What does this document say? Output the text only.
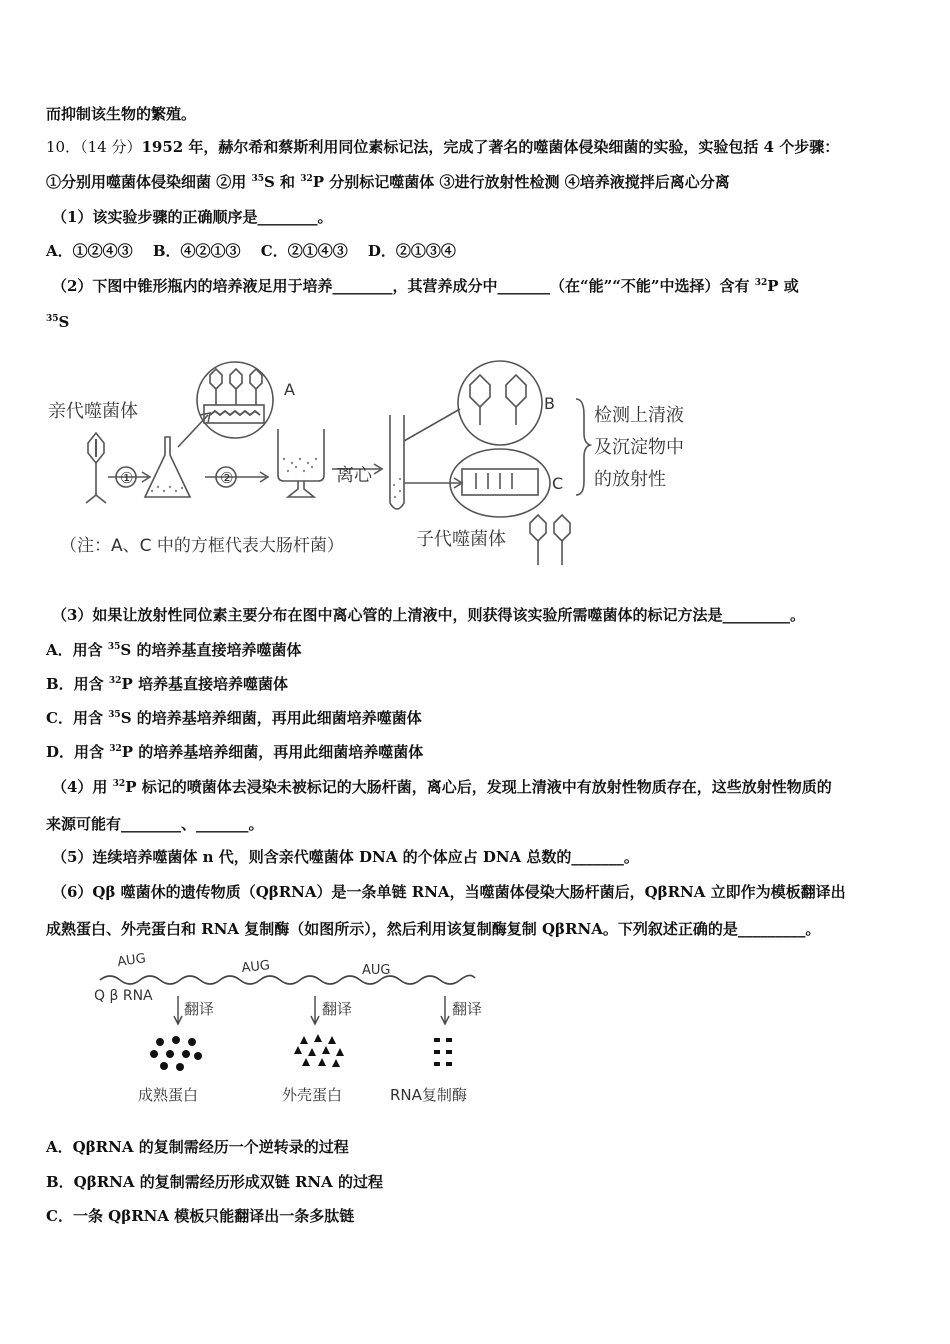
而抑制该生物的繁殖。
10．（14 分）1952 年，赫尔希和蔡斯利用同位素标记法，完成了著名的噬菌体侵染细菌的实验，实验包括 4 个步骤：
①分别用噬菌体侵染细菌 ②用 $^{35}$S 和 $^{32}$P 分别标记噬菌体 ③进行放射性检测 ④培养液搅拌后离心分离
（1）该实验步骤的正确顺序是________。
A．①②④③　 B．④②①③　 C．②①④③　 D．②①③④
（2）下图中锥形瓶内的培养液足用于培养________，其营养成分中_______（在“能”“不能”中选择）含有 $^{32}$P 或
$^{35}$S
亲代噬菌体
①	②
A
离心
B
C
检测上清液
及沉淀物中
的放射性
（注：A、C 中的方框代表大肠杆菌）	子代噬菌体
（3）如果让放射性同位素主要分布在图中离心管的上清液中，则获得该实验所需噬菌体的标记方法是_________。
A．用含 $^{35}$S 的培养基直接培养噬菌体
B．用含 $^{32}$P 培养基直接培养噬菌体
C．用含 $^{35}$S 的培养基培养细菌，再用此细菌培养噬菌体
D．用含 $^{32}$P 的培养基培养细菌，再用此细菌培养噬菌体
（4）用 $^{32}$P 标记的喷菌体去浸染未被标记的大肠杆菌，离心后，发现上清液中有放射性物质存在，这些放射性物质的
来源可能有________、_______。
（5）连续培养噬菌体 n 代，则含亲代噬菌体 DNA 的个体应占 DNA 总数的_______。
（6）Qβ 噬菌休的遗传物质（QβRNA）是一条单链 RNA，当噬菌体侵染大肠杆菌后，QβRNA 立即作为模板翻译出
成熟蛋白、外壳蛋白和 RNA 复制酶（如图所示），然后利用该复制酶复制 QβRNA。下列叙述正确的是_________。
AUG	AUG	AUG
Q β RNA
翻译	翻译	翻译
成熟蛋白	外壳蛋白	RNA复制酶
A．QβRNA 的复制需经历一个逆转录的过程
B．QβRNA 的复制需经历形成双链 RNA 的过程
C．一条 QβRNA 模板只能翻译出一条多肽链
